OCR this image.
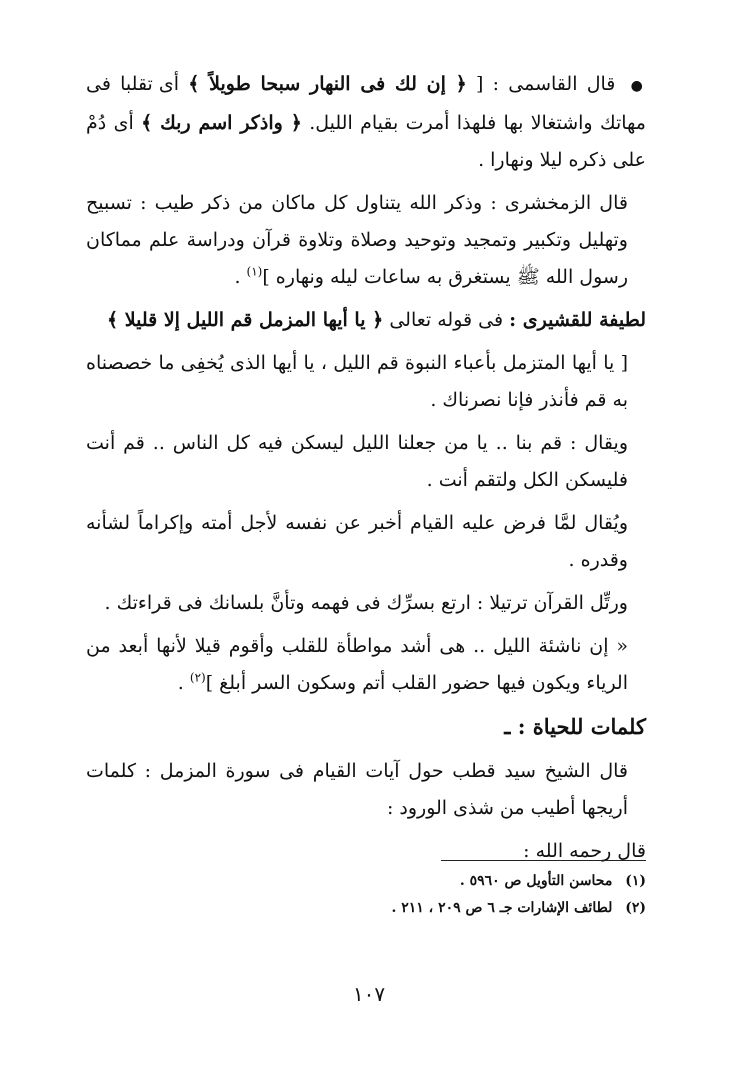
● قال القاسمى : [ ﴿ إن لك فى النهار سبحا طويلاً ﴾ أى تقلبا فى مهاتك واشتغالا بها فلهذا أمرت بقيام الليل. ﴿ واذكر اسم ربك ﴾ أى دُمْ على ذكره ليلا ونهارا .

قال الزمخشرى : وذكر الله يتناول كل ماكان من ذكر طيب : تسبيح وتهليل وتكبير وتمجيد وتوحيد وصلاة وتلاوة قرآن ودراسة علم مماكان رسول الله ﷺ يستغرق به ساعات ليله ونهاره ]$^{(١)}$ .

لطيفة للقشيرى : فى قوله تعالى ﴿ يا أيها المزمل قم الليل إلا قليلا ﴾

[ يا أيها المتزمل بأعباء النبوة قم الليل ، يا أيها الذى يُخفِى ما خصصناه به قم فأنذر فإنا نصرناك .

ويقال : قم بنا .. يا من جعلنا الليل ليسكن فيه كل الناس .. قم أنت فليسكن الكل ولتقم أنت .

ويُقال لمَّا فرض عليه القيام أخبر عن نفسه لأجل أمته وإكراماً لشأنه وقدره .

ورتِّل القرآن ترتيلا : ارتع بسرِّك فى فهمه وتأنَّ بلسانك فى قراءتك .

« إن ناشئة الليل .. هى أشد مواطأة للقلب وأقوم قيلا لأنها أبعد من الرياء ويكون فيها حضور القلب أتم وسكون السر أبلغ ]$^{(٢)}$ .

كلمات للحياة : ـ

قال الشيخ سيد قطب حول آيات القيام فى سورة المزمل : كلمات أريجها أطيب من شذى الورود :

قال رحمه الله :

(١) محاسن التأويل ص ٥٩٦٠ .
(٢) لطائف الإشارات جـ ٦ ص ٢٠٩ ، ٢١١ .
١٠٧
